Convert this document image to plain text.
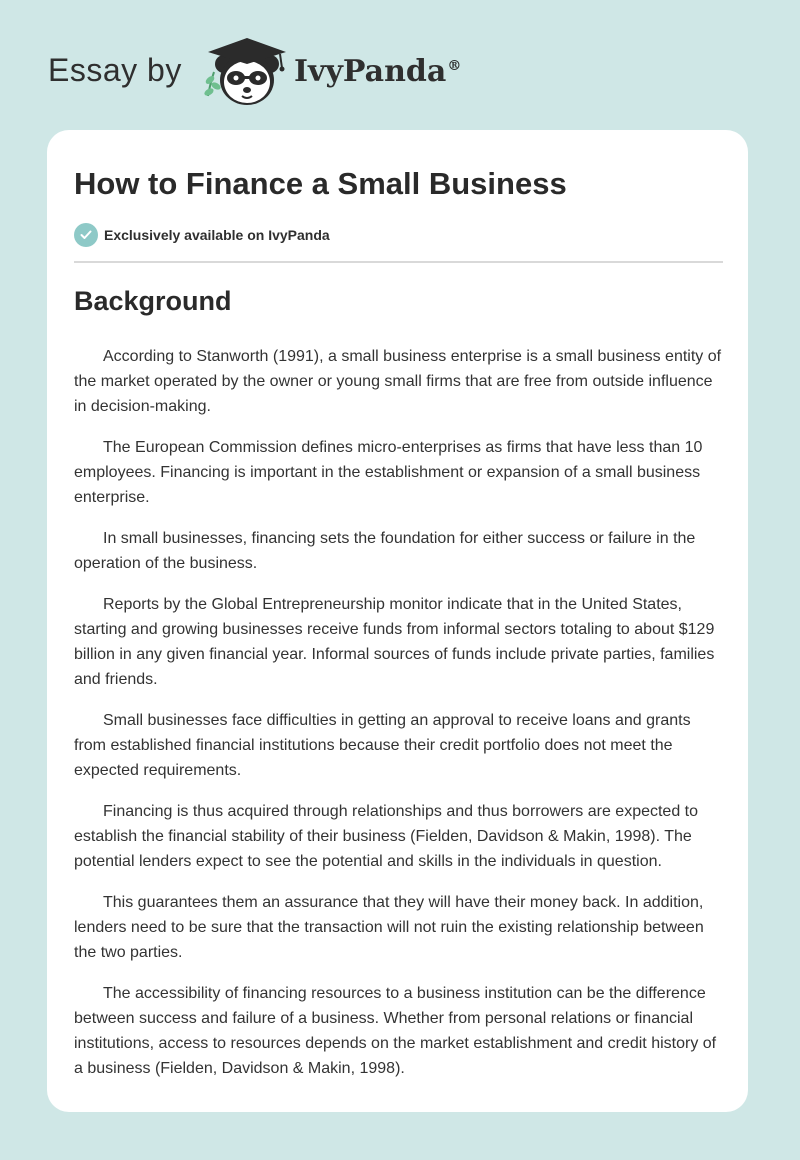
Essay by	IvyPanda®
How to Finance a Small Business
Exclusively available on IvyPanda
Background

According to Stanworth (1991), a small business enterprise is a small business entity of the market operated by the owner or young small firms that are free from outside influence in decision-making.

The European Commission defines micro-enterprises as firms that have less than 10 employees. Financing is important in the establishment or expansion of a small business enterprise.

In small businesses, financing sets the foundation for either success or failure in the operation of the business.

Reports by the Global Entrepreneurship monitor indicate that in the United States, starting and growing businesses receive funds from informal sectors totaling to about $129 billion in any given financial year. Informal sources of funds include private parties, families and friends.

Small businesses face difficulties in getting an approval to receive loans and grants from established financial institutions because their credit portfolio does not meet the expected requirements.

Financing is thus acquired through relationships and thus borrowers are expected to establish the financial stability of their business (Fielden, Davidson & Makin, 1998). The potential lenders expect to see the potential and skills in the individuals in question.

This guarantees them an assurance that they will have their money back. In addition, lenders need to be sure that the transaction will not ruin the existing relationship between the two parties.

The accessibility of financing resources to a business institution can be the difference between success and failure of a business. Whether from personal relations or financial institutions, access to resources depends on the market establishment and credit history of a business (Fielden, Davidson & Makin, 1998).
